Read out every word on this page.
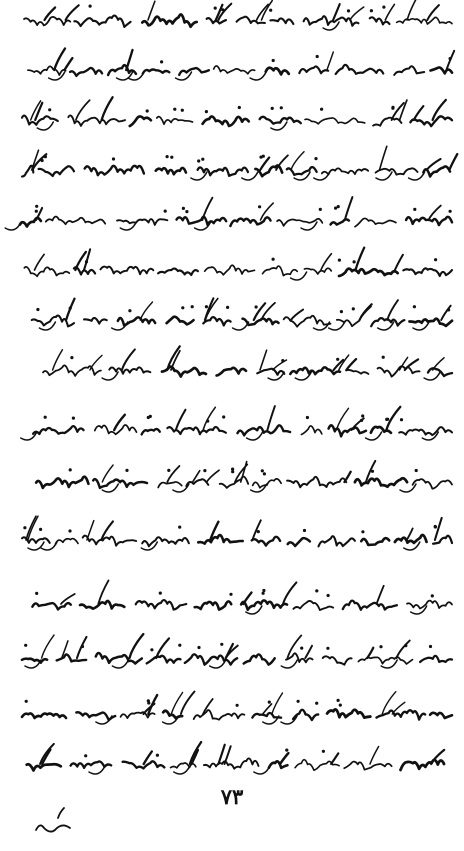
۷۳
